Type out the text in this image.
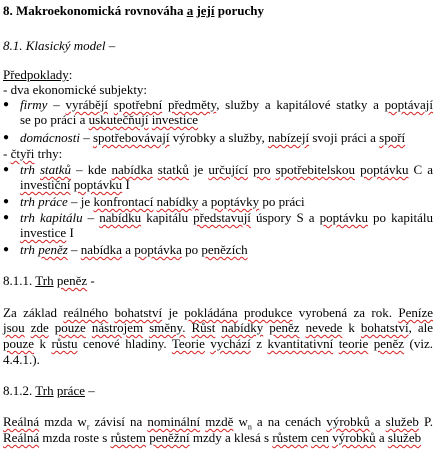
8. Makroekonomická rovnováha a její poruchy
8.1. Klasický model –
Předpoklady:
- dva ekonomické subjekty:
● firmy – vyrábějí spotřební předměty, služby a kapitálové statky a poptávají
se po práci a uskutečňují investice
● domácnosti – spotřebovávají výrobky a služby, nabízejí svoji práci a spoří
- čtyři trhy:
● trh statků – kde nabídka statků je určující pro spotřebitelskou poptávku C a
investiční poptávku I
● trh práce – je konfrontací nabídky a poptávky po práci
● trh kapitálu – nabídku kapitálu představují úspory S a poptávku po kapitálu
investice I
● trh peněz – nabídka a poptávka po penězích
8.1.1. Trh peněz -
Za základ reálného bohatství je pokládána produkce vyrobená za rok. Peníze
jsou zde pouze nástrojem směny. Růst nabídky peněz nevede k bohatství, ale
pouze k růstu cenové hladiny. Teorie vychází z kvantitativní teorie peněz (viz.
4.4.1.).
8.1.2. Trh práce –
Reálná mzda $w_r$ závisí na nominální mzdě $w_n$ a na cenách výrobků a služeb P.
Reálná mzda roste s růstem peněžní mzdy a klesá s růstem cen výrobků a služeb
